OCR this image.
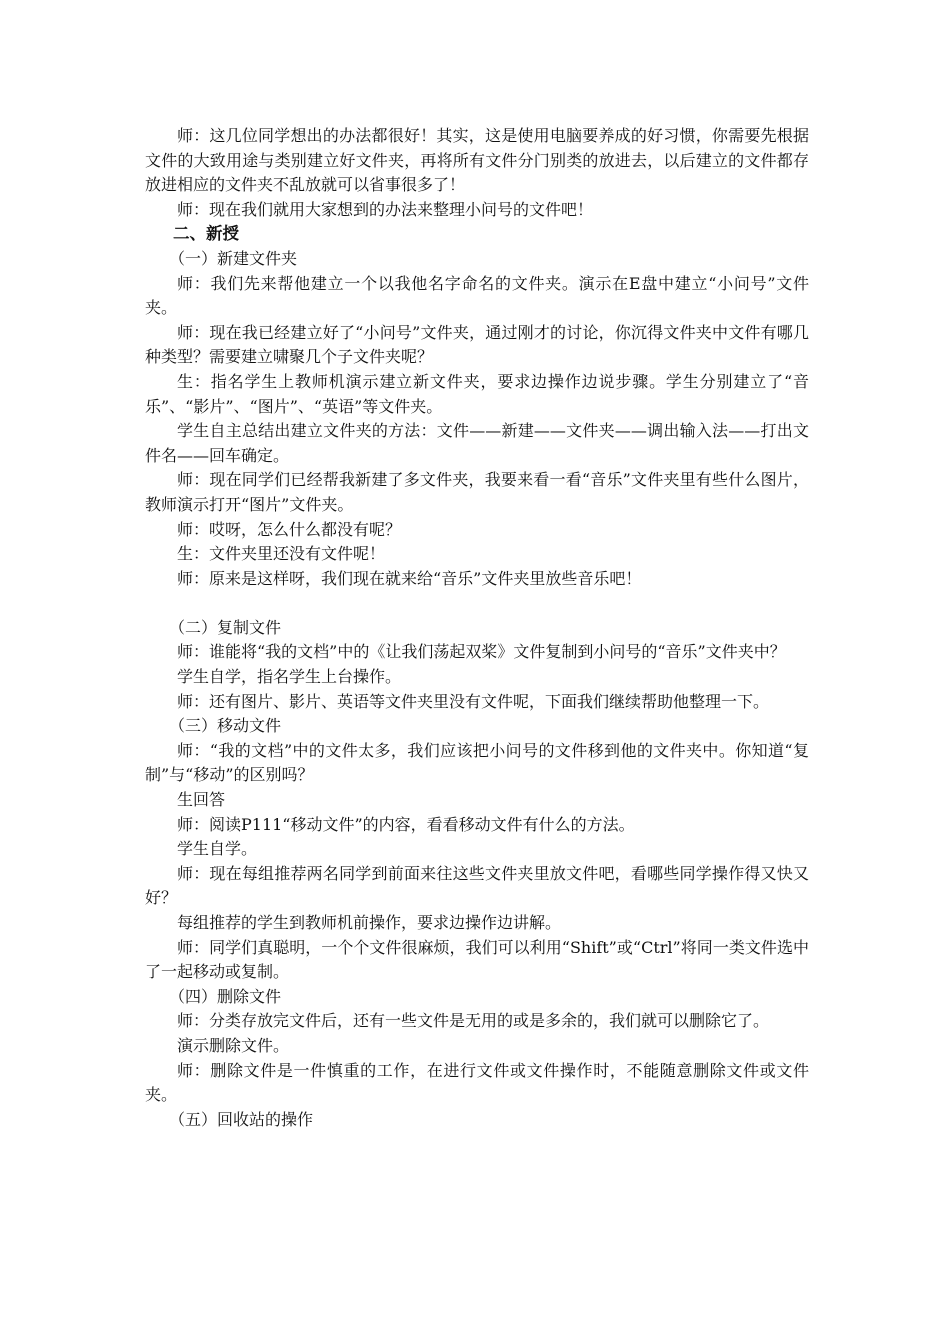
师：这几位同学想出的办法都很好！其实，这是使用电脑要养成的好习惯，你需要先根据文件的大致用途与类别建立好文件夹，再将所有文件分门别类的放进去，以后建立的文件都存放进相应的文件夹不乱放就可以省事很多了！

师：现在我们就用大家想到的办法来整理小问号的文件吧！

二、新授

（一）新建文件夹

师：我们先来帮他建立一个以我他名字命名的文件夹。演示在E盘中建立“小问号”文件夹。

师：现在我已经建立好了“小问号”文件夹，通过刚才的讨论，你沉得文件夹中文件有哪几种类型？需要建立啸聚几个子文件夹呢？

生：指名学生上教师机演示建立新文件夹，要求边操作边说步骤。学生分别建立了“音乐”、“影片”、“图片”、“英语”等文件夹。

学生自主总结出建立文件夹的方法：文件——新建——文件夹——调出输入法——打出文件名——回车确定。

师：现在同学们已经帮我新建了多文件夹，我要来看一看“音乐”文件夹里有些什么图片，教师演示打开“图片”文件夹。

师：哎呀，怎么什么都没有呢？

生：文件夹里还没有文件呢！

师：原来是这样呀，我们现在就来给“音乐”文件夹里放些音乐吧！

（二）复制文件

师：谁能将“我的文档”中的《让我们荡起双桨》文件复制到小问号的“音乐”文件夹中？

学生自学，指名学生上台操作。

师：还有图片、影片、英语等文件夹里没有文件呢，下面我们继续帮助他整理一下。

（三）移动文件

师：“我的文档”中的文件太多，我们应该把小问号的文件移到他的文件夹中。你知道“复制”与“移动”的区别吗？

生回答

师：阅读P111“移动文件”的内容，看看移动文件有什么的方法。

学生自学。

师：现在每组推荐两名同学到前面来往这些文件夹里放文件吧，看哪些同学操作得又快又好？

每组推荐的学生到教师机前操作，要求边操作边讲解。

师：同学们真聪明，一个个文件很麻烦，我们可以利用“Shift”或“Ctrl”将同一类文件选中了一起移动或复制。

（四）删除文件

师：分类存放完文件后，还有一些文件是无用的或是多余的，我们就可以删除它了。

演示删除文件。

师：删除文件是一件慎重的工作，在进行文件或文件操作时，不能随意删除文件或文件夹。

（五）回收站的操作
